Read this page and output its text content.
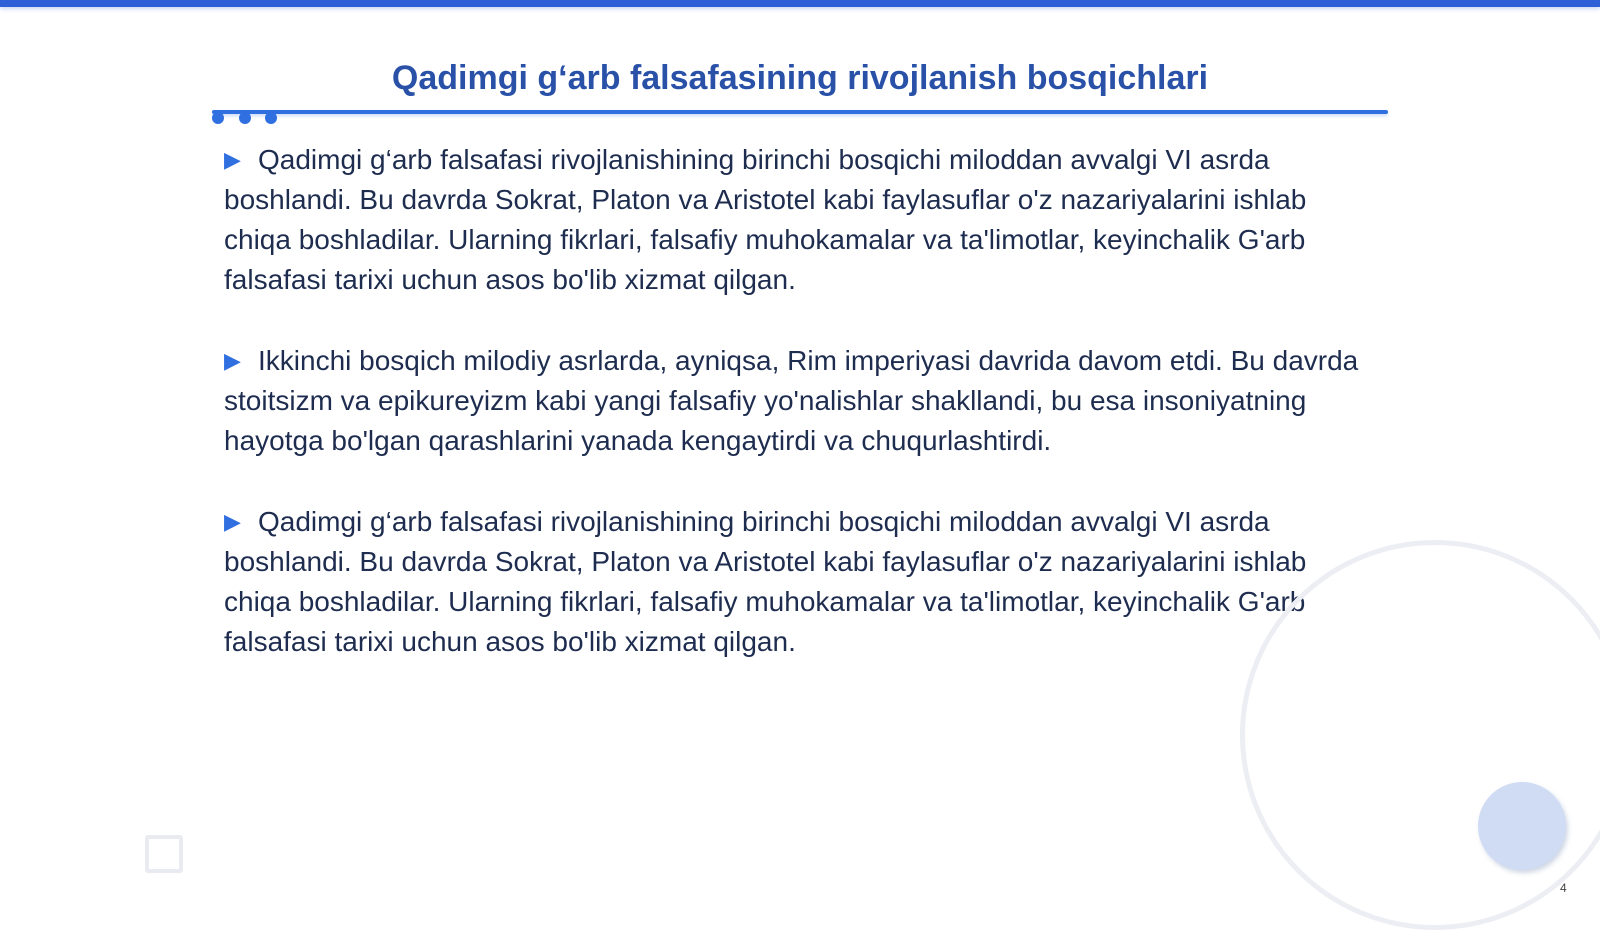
Qadimgi g‘arb falsafasining rivojlanish bosqichlari

▶ Qadimgi g‘arb falsafasi rivojlanishining birinchi bosqichi miloddan avvalgi VI asrda boshlandi. Bu davrda Sokrat, Platon va Aristotel kabi faylasuflar o'z nazariyalarini ishlab chiqa boshladilar. Ularning fikrlari, falsafiy muhokamalar va ta'limotlar, keyinchalik G'arb falsafasi tarixi uchun asos bo'lib xizmat qilgan.

▶ Ikkinchi bosqich milodiy asrlarda, ayniqsa, Rim imperiyasi davrida davom etdi. Bu davrda stoitsizm va epikureyizm kabi yangi falsafiy yo'nalishlar shakllandi, bu esa insoniyatning hayotga bo'lgan qarashlarini yanada kengaytirdi va chuqurlashtirdi.

▶ Qadimgi g‘arb falsafasi rivojlanishining birinchi bosqichi miloddan avvalgi VI asrda boshlandi. Bu davrda Sokrat, Platon va Aristotel kabi faylasuflar o'z nazariyalarini ishlab chiqa boshladilar. Ularning fikrlari, falsafiy muhokamalar va ta'limotlar, keyinchalik G'arb falsafasi tarixi uchun asos bo'lib xizmat qilgan.

4
